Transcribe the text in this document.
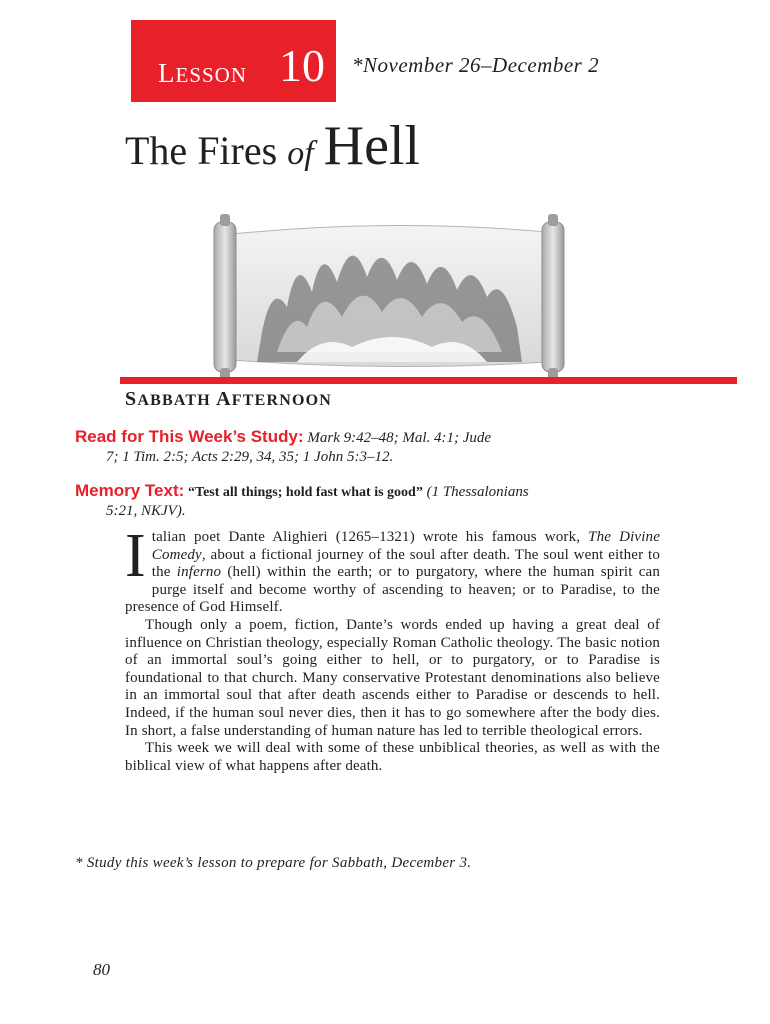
LESSON 10 *November 26–December 2
The Fires of Hell
SABBATH AFTERNOON
Read for This Week’s Study: Mark 9:42–48; Mal. 4:1; Jude
7; 1 Tim. 2:5; Acts 2:29, 34, 35; 1 John 5:3–12.
Memory Text: “Test all things; hold fast what is good” (1 Thessalonians
5:21, NKJV).

Italian poet Dante Alighieri (1265–1321) wrote his famous work, The Divine Comedy, about a fictional journey of the soul after death. The soul went either to the inferno (hell) within the earth; or to purgatory, where the human spirit can purge itself and become worthy of ascending to heaven; or to Paradise, to the presence of God Himself.

Though only a poem, fiction, Dante’s words ended up having a great deal of influence on Christian theology, especially Roman Catholic theology. The basic notion of an immortal soul’s going either to hell, or to purgatory, or to Paradise is foundational to that church. Many conservative Protestant denominations also believe in an immortal soul that after death ascends either to Paradise or descends to hell. Indeed, if the human soul never dies, then it has to go somewhere after the body dies. In short, a false understanding of human nature has led to terrible theological errors.

This week we will deal with some of these unbiblical theories, as well as with the biblical view of what happens after death.

* Study this week’s lesson to prepare for Sabbath, December 3.
80
